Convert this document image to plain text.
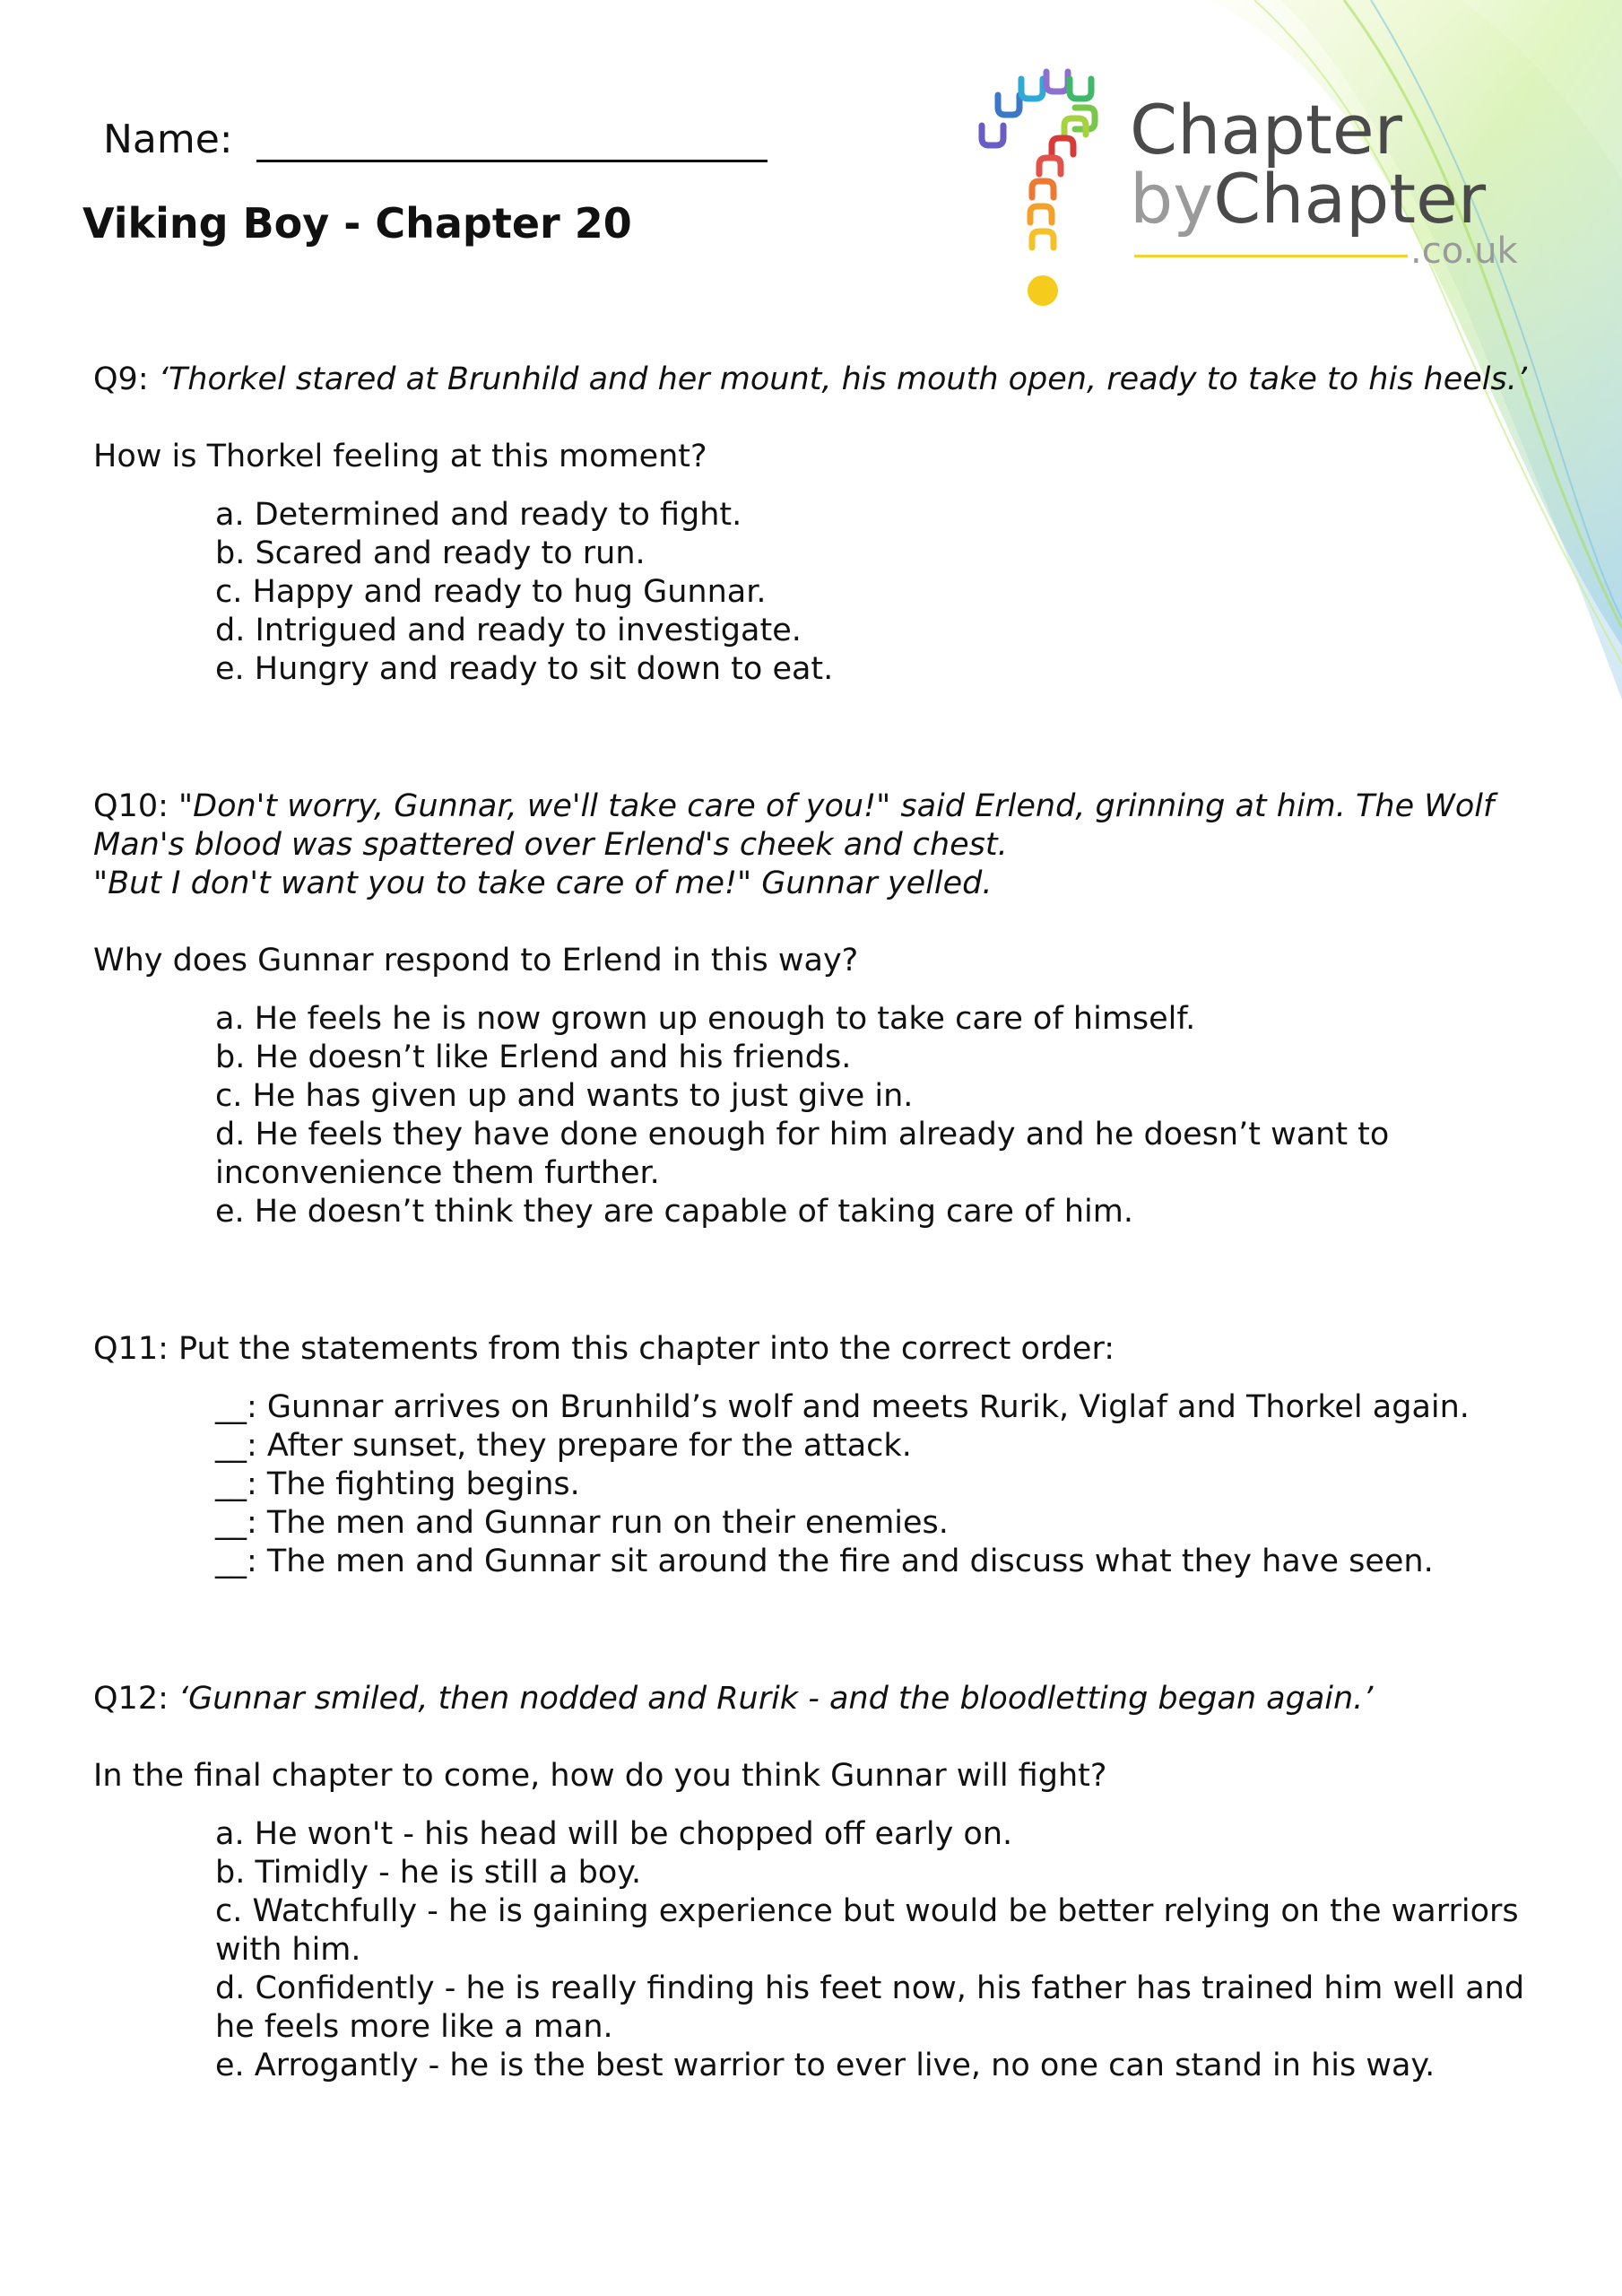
Name:
Viking Boy - Chapter 20
Chapter
byChapter
.co.uk

Q9: ‘Thorkel stared at Brunhild and her mount, his mouth open, ready to take to his heels.’

How is Thorkel feeling at this moment?

a. Determined and ready to fight.
b. Scared and ready to run.
c. Happy and ready to hug Gunnar.
d. Intrigued and ready to investigate.
e. Hungry and ready to sit down to eat.

Q10: "Don't worry, Gunnar, we'll take care of you!" said Erlend, grinning at him. The Wolf Man's blood was spattered over Erlend's cheek and chest.
"But I don't want you to take care of me!" Gunnar yelled.

Why does Gunnar respond to Erlend in this way?

a. He feels he is now grown up enough to take care of himself.
b. He doesn’t like Erlend and his friends.
c. He has given up and wants to just give in.
d. He feels they have done enough for him already and he doesn’t want to inconvenience them further.
e. He doesn’t think they are capable of taking care of him.

Q11: Put the statements from this chapter into the correct order:

__: Gunnar arrives on Brunhild’s wolf and meets Rurik, Viglaf and Thorkel again.
__: After sunset, they prepare for the attack.
__: The fighting begins.
__: The men and Gunnar run on their enemies.
__: The men and Gunnar sit around the fire and discuss what they have seen.

Q12: ‘Gunnar smiled, then nodded and Rurik - and the bloodletting began again.’

In the final chapter to come, how do you think Gunnar will fight?

a. He won't - his head will be chopped off early on.
b. Timidly - he is still a boy.
c. Watchfully - he is gaining experience but would be better relying on the warriors with him.
d. Confidently - he is really finding his feet now, his father has trained him well and he feels more like a man.
e. Arrogantly - he is the best warrior to ever live, no one can stand in his way.
